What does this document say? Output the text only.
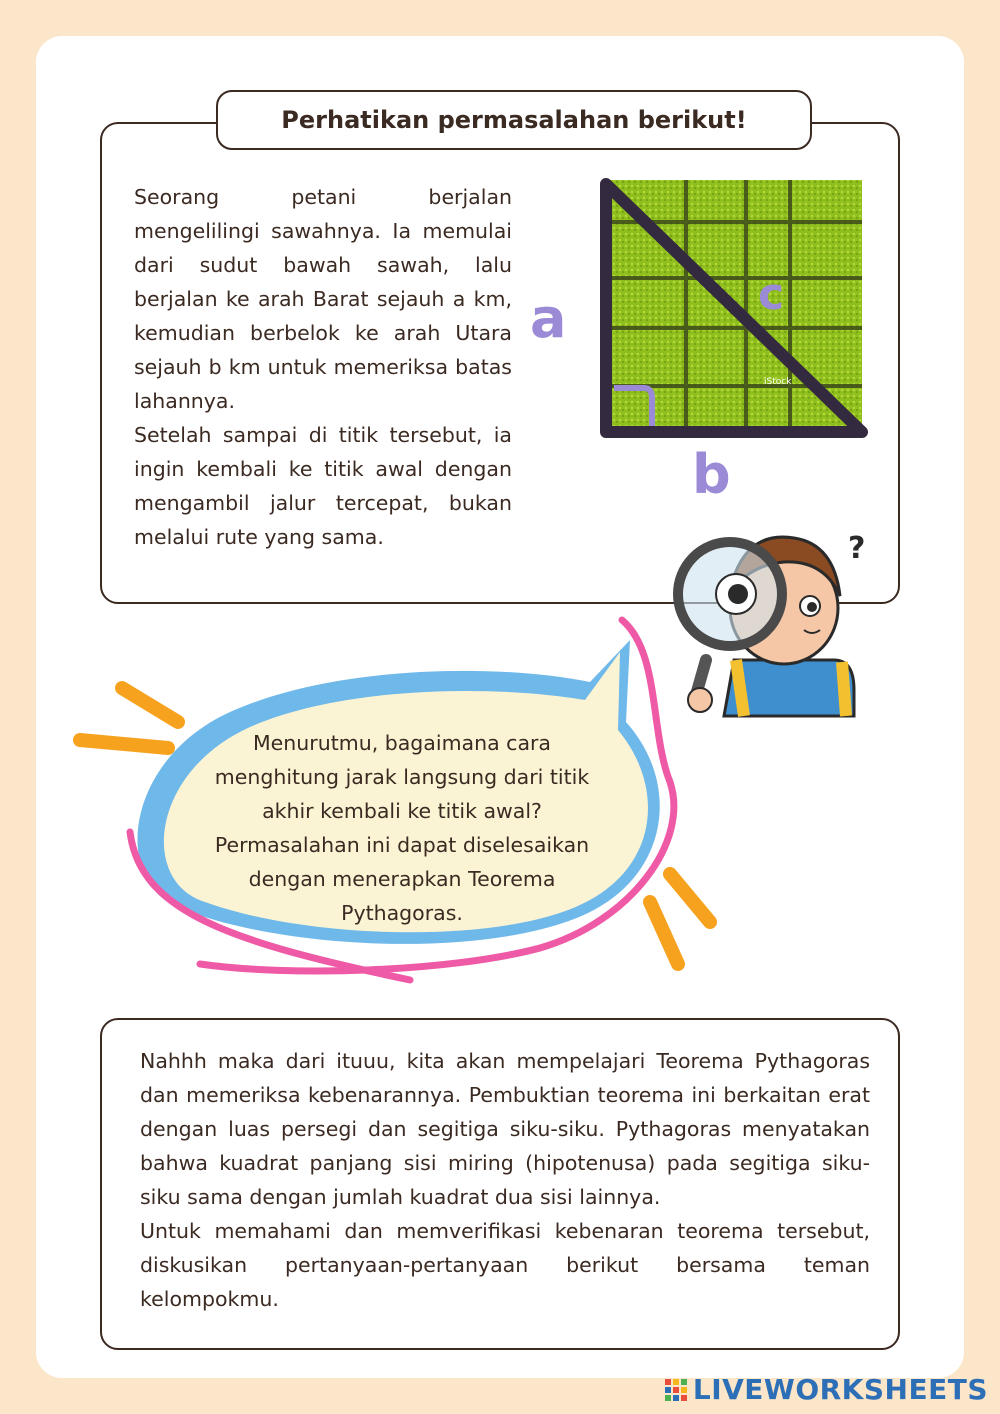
Perhatikan permasalahan berikut!

Seorang petani berjalan mengelilingi sawahnya. Ia memulai dari sudut bawah sawah, lalu berjalan ke arah Barat sejauh a km, kemudian berbelok ke arah Utara sejauh b km untuk memeriksa batas lahannya.

Setelah sampai di titik tersebut, ia ingin kembali ke titik awal dengan mengambil jalur tercepat, bukan melalui rute yang sama.

iStock
a	c
b
Menurutmu, bagaimana cara menghitung jarak langsung dari titik akhir kembali ke titik awal? Permasalahan ini dapat diselesaikan dengan menerapkan Teorema Pythagoras.
?

Nahhh maka dari ituuu, kita akan mempelajari Teorema Pythagoras dan memeriksa kebenarannya. Pembuktian teorema ini berkaitan erat dengan luas persegi dan segitiga siku-siku. Pythagoras menyatakan bahwa kuadrat panjang sisi miring (hipotenusa) pada segitiga siku-siku sama dengan jumlah kuadrat dua sisi lainnya.

Untuk memahami dan memverifikasi kebenaran teorema tersebut, diskusikan pertanyaan-pertanyaan berikut bersama teman kelompokmu.

LIVEWORKSHEETS
